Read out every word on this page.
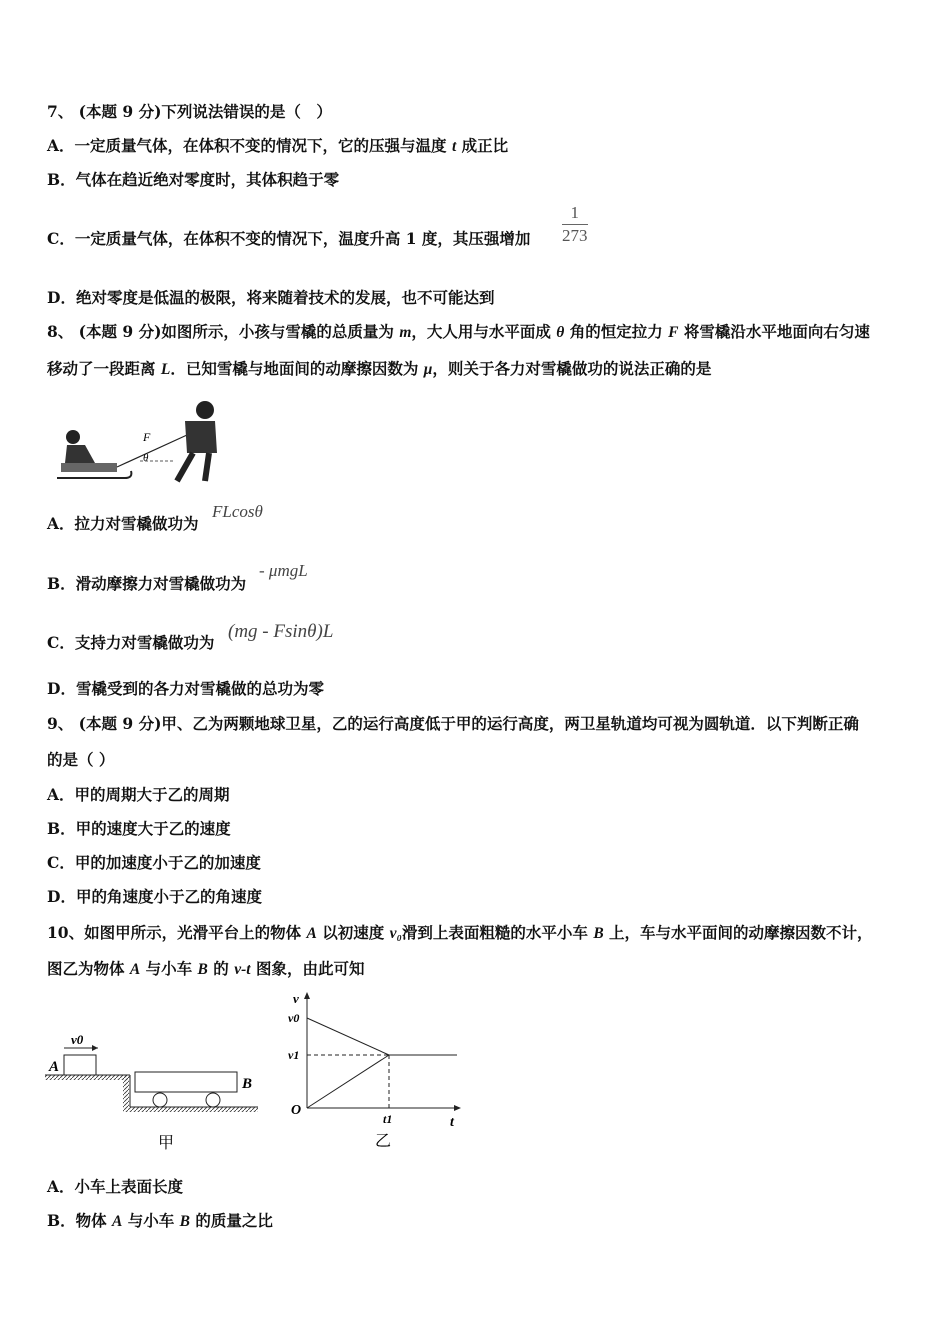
7、 (本题 9 分)下列说法错误的是（　）
A．一定质量气体，在体积不变的情况下，它的压强与温度 t 成正比
B．气体在趋近绝对零度时，其体积趋于零
C．一定质量气体，在体积不变的情况下，温度升高 1 度，其压强增加 $\frac{1}{273}$
D．绝对零度是低温的极限，将来随着技术的发展，也不可能达到
8、 (本题 9 分)如图所示，小孩与雪橇的总质量为 m，大人用与水平面成 θ 角的恒定拉力 F 将雪橇沿水平地面向右匀速
移动了一段距离 L．已知雪橇与地面间的动摩擦因数为 μ，则关于各力对雪橇做功的说法正确的是
F
θ
A．拉力对雪橇做功为
FLcosθ
B．滑动摩擦力对雪橇做功为
- μmgL
C．支持力对雪橇做功为
(mg - Fsinθ)L
D．雪橇受到的各力对雪橇做的总功为零
9、 (本题 9 分)甲、乙为两颗地球卫星，乙的运行高度低于甲的运行高度，两卫星轨道均可视为圆轨道．以下判断正确
的是（ ）
A．甲的周期大于乙的周期
B．甲的速度大于乙的速度
C．甲的加速度小于乙的加速度
D．甲的角速度小于乙的角速度
10、如图甲所示，光滑平台上的物体 A 以初速度 v₀滑到上表面粗糙的水平小车 B 上，车与水平面间的动摩擦因数不计，
图乙为物体 A 与小车 B 的 v-t 图象，由此可知
v0
A
B
甲
v
v0
v1
O
t1	t
乙
A．小车上表面长度
B．物体 A 与小车 B 的质量之比
